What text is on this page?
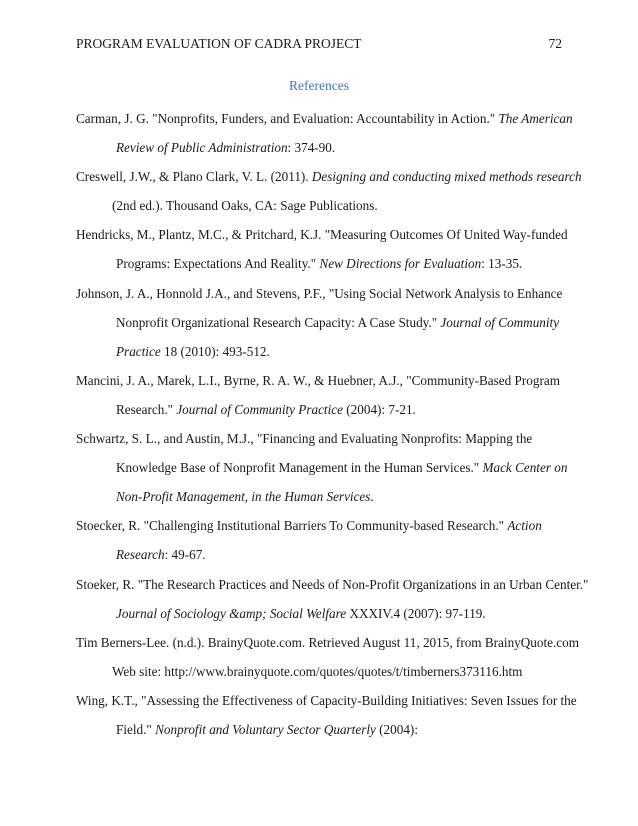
PROGRAM EVALUATION OF CADRA PROJECT	72
References
Carman, J. G. "Nonprofits, Funders, and Evaluation: Accountability in Action." The American
Review of Public Administration: 374-90.
Creswell, J.W., & Plano Clark, V. L. (2011). Designing and conducting mixed methods research
(2nd ed.). Thousand Oaks, CA: Sage Publications.
Hendricks, M., Plantz, M.C., & Pritchard, K.J. "Measuring Outcomes Of United Way-funded
Programs: Expectations And Reality." New Directions for Evaluation: 13-35.
Johnson, J. A., Honnold J.A., and Stevens, P.F., "Using Social Network Analysis to Enhance
Nonprofit Organizational Research Capacity: A Case Study." Journal of Community
Practice 18 (2010): 493-512.
Mancini, J. A., Marek, L.I., Byrne, R. A. W., & Huebner, A.J., "Community-Based Program
Research." Journal of Community Practice (2004): 7-21.
Schwartz, S. L., and Austin, M.J., "Financing and Evaluating Nonprofits: Mapping the
Knowledge Base of Nonprofit Management in the Human Services." Mack Center on
Non-Profit Management, in the Human Services.
Stoecker, R. "Challenging Institutional Barriers To Community-based Research." Action
Research: 49-67.
Stoeker, R. "The Research Practices and Needs of Non-Profit Organizations in an Urban Center."
Journal of Sociology &amp; Social Welfare XXXIV.4 (2007): 97-119.
Tim Berners-Lee. (n.d.). BrainyQuote.com. Retrieved August 11, 2015, from BrainyQuote.com
Web site: http://www.brainyquote.com/quotes/quotes/t/timberners373116.htm
Wing, K.T., "Assessing the Effectiveness of Capacity-Building Initiatives: Seven Issues for the
Field." Nonprofit and Voluntary Sector Quarterly (2004):
